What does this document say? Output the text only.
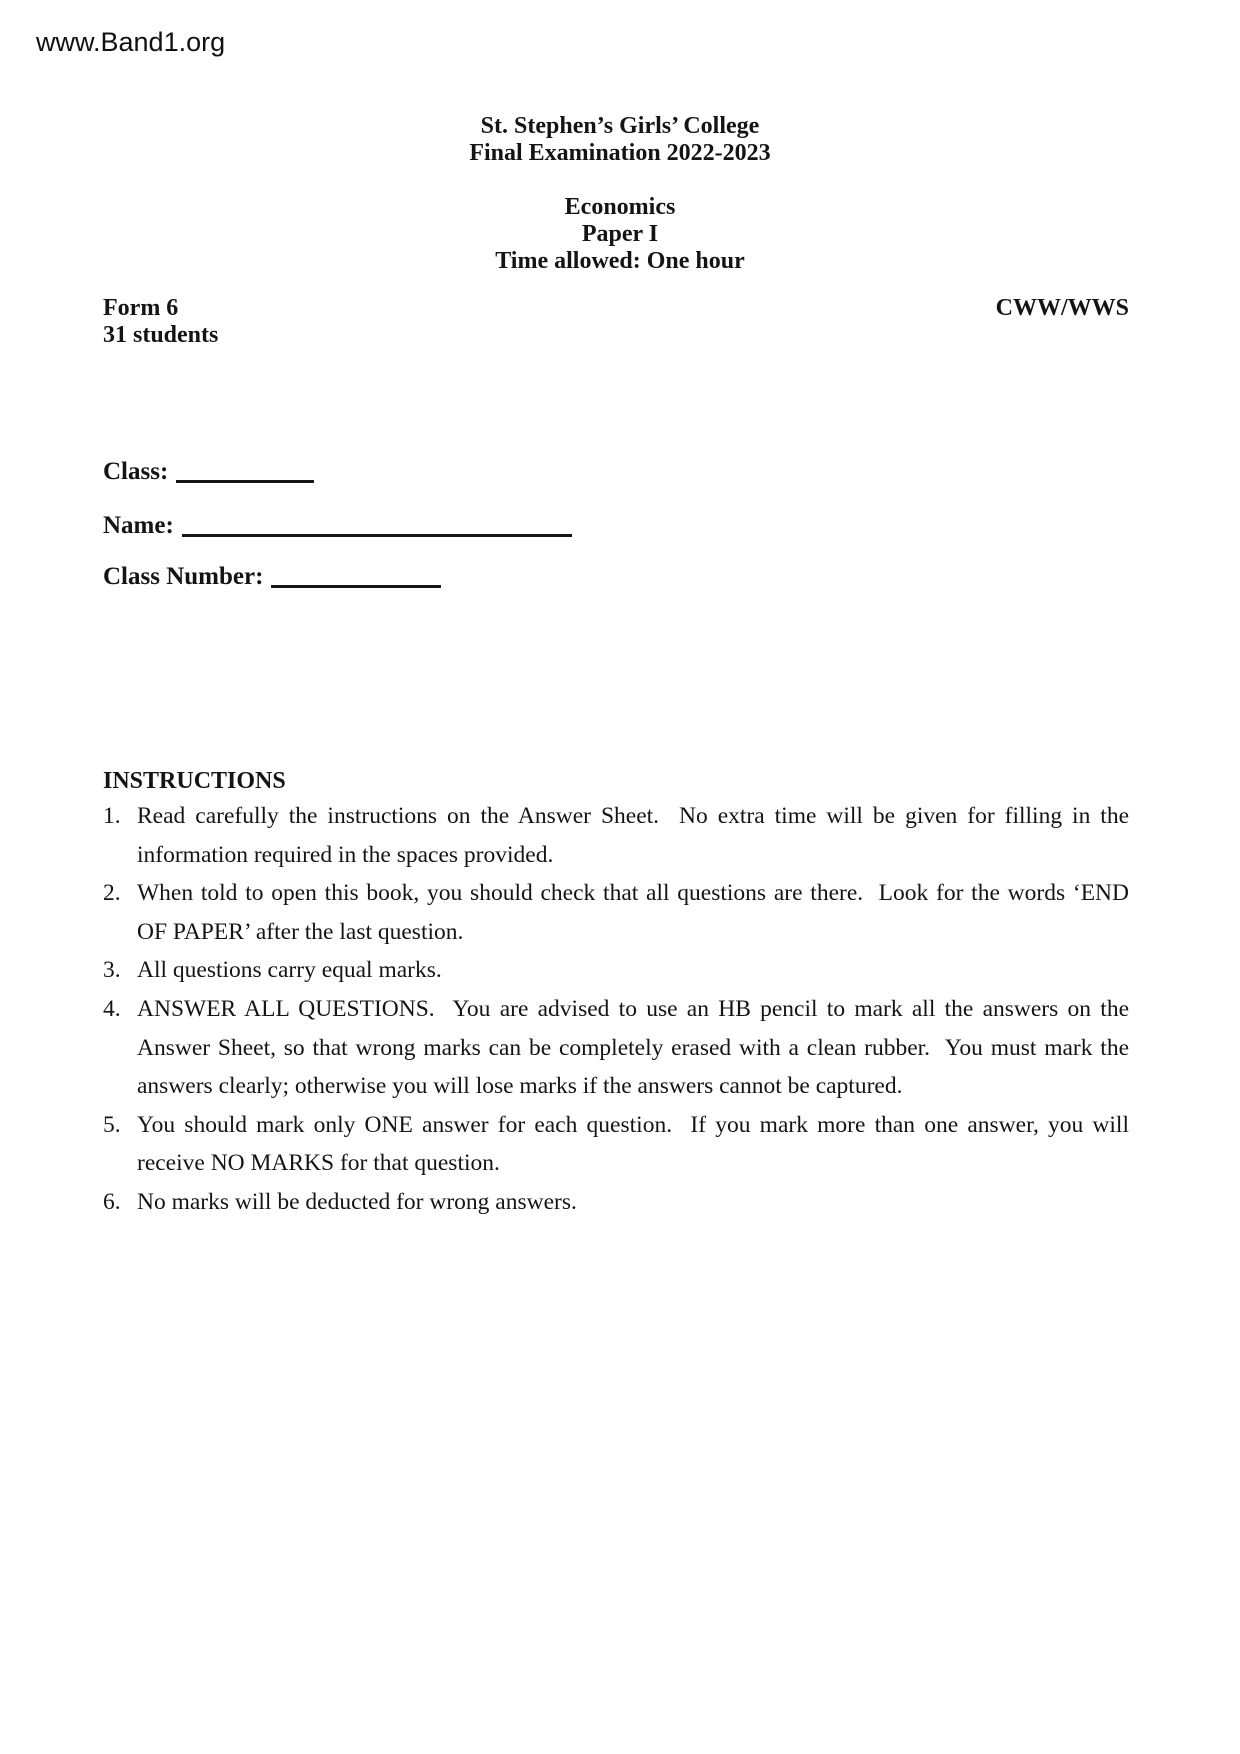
www.Band1.org
St. Stephen’s Girls’ College
Final Examination 2022-2023
Economics
Paper I
Time allowed: One hour
Form 6
31 students
CWW/WWS
Class:
Name:
Class Number:
INSTRUCTIONS
1. Read carefully the instructions on the Answer Sheet.  No extra time will be given for filling in the information required in the spaces provided.
2. When told to open this book, you should check that all questions are there.  Look for the words ‘END OF PAPER’ after the last question.
3. All questions carry equal marks.
4. ANSWER ALL QUESTIONS.  You are advised to use an HB pencil to mark all the answers on the Answer Sheet, so that wrong marks can be completely erased with a clean rubber.  You must mark the answers clearly; otherwise you will lose marks if the answers cannot be captured.
5. You should mark only ONE answer for each question.  If you mark more than one answer, you will receive NO MARKS for that question.
6. No marks will be deducted for wrong answers.
